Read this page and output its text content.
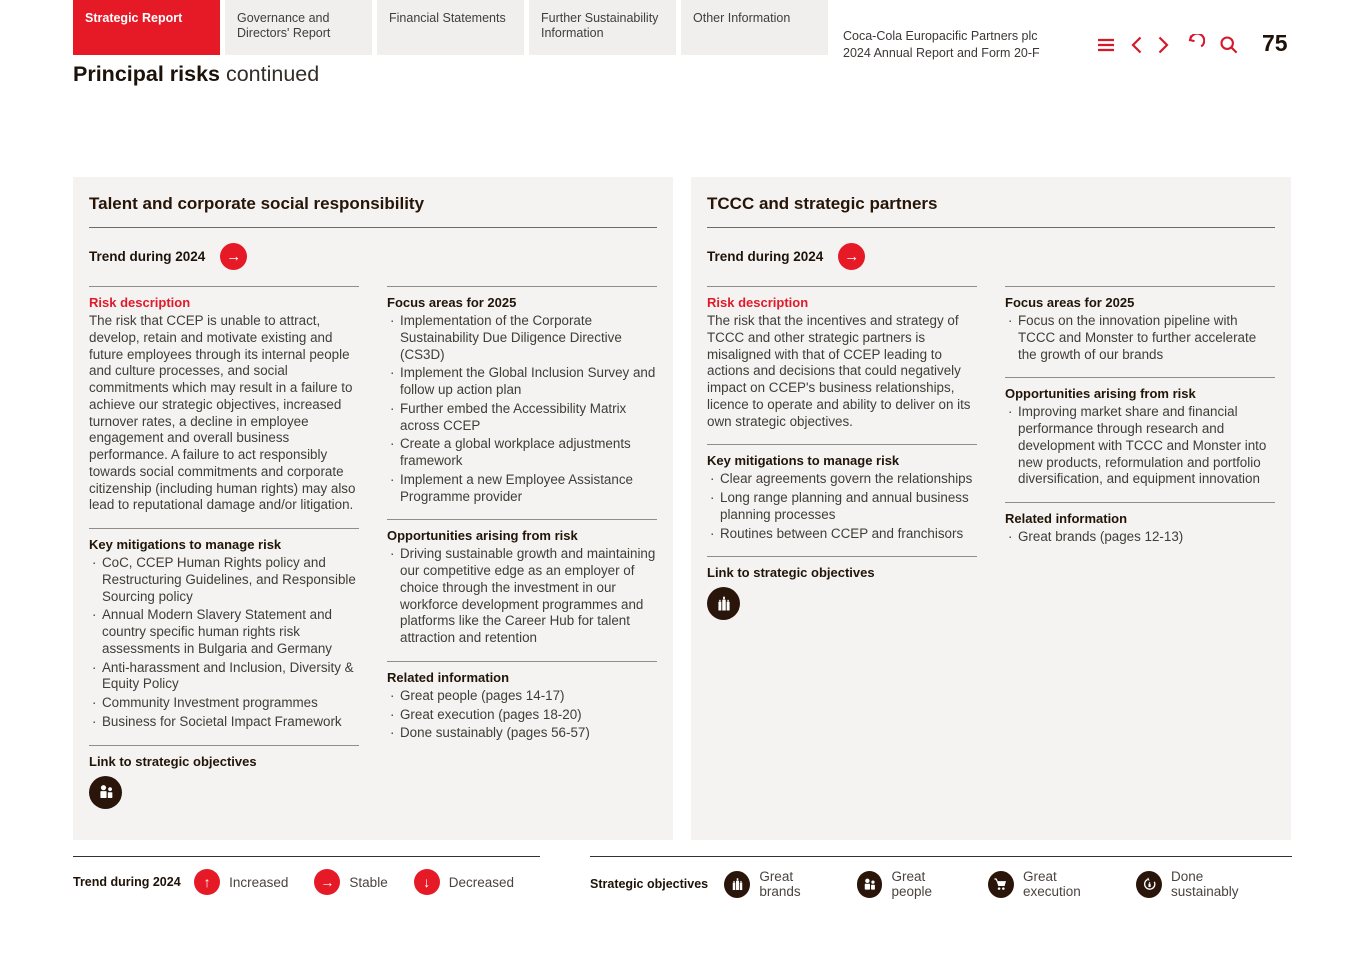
Strategic Report	Governance and Directors' Report
Financial Statements	Further Sustainability Information
Other Information
Coca-Cola Europacific Partners plc
2024 Annual Report and Form 20-F	75
Principal risks continued
Talent and corporate social responsibility
Trend during 2024	→
Risk description

The risk that CCEP is unable to attract, develop, retain and motivate existing and future employees through its internal people and culture processes, and social commitments which may result in a failure to achieve our strategic objectives, increased turnover rates, a decline in employee engagement and overall business performance. A failure to act responsibly towards social commitments and corporate citizenship (including human rights) may also lead to reputational damage and/or litigation.

Key mitigations to manage risk
· CoC, CCEP Human Rights policy and Restructuring Guidelines, and Responsible Sourcing policy
· Annual Modern Slavery Statement and country specific human rights risk assessments in Bulgaria and Germany
· Anti-harassment and Inclusion, Diversity & Equity Policy
· Community Investment programmes
· Business for Societal Impact Framework
Link to strategic objectives
Focus areas for 2025
· Implementation of the Corporate Sustainability Due Diligence Directive (CS3D)
· Implement the Global Inclusion Survey and follow up action plan
· Further embed the Accessibility Matrix across CCEP
· Create a global workplace adjustments framework
· Implement a new Employee Assistance Programme provider
Opportunities arising from risk
· Driving sustainable growth and maintaining our competitive edge as an employer of choice through the investment in our workforce development programmes and platforms like the Career Hub for talent attraction and retention
Related information
· Great people (pages 14-17)
· Great execution (pages 18-20)
· Done sustainably (pages 56-57)
TCCC and strategic partners
Trend during 2024	→
Risk description

The risk that the incentives and strategy of TCCC and other strategic partners is misaligned with that of CCEP leading to actions and decisions that could negatively impact on CCEP's business relationships, licence to operate and ability to deliver on its own strategic objectives.

Key mitigations to manage risk
· Clear agreements govern the relationships
· Long range planning and annual business planning processes
· Routines between CCEP and franchisors
Link to strategic objectives
Focus areas for 2025
· Focus on the innovation pipeline with TCCC and Monster to further accelerate the growth of our brands
Opportunities arising from risk
· Improving market share and financial performance through research and development with TCCC and Monster into new products, reformulation and portfolio diversification, and equipment innovation
Related information
· Great brands (pages 12-13)
Trend during 2024	↑	Increased	→	Stable	↓	Decreased	Strategic objectives	Great brands
Great people
Great execution
Done sustainably
